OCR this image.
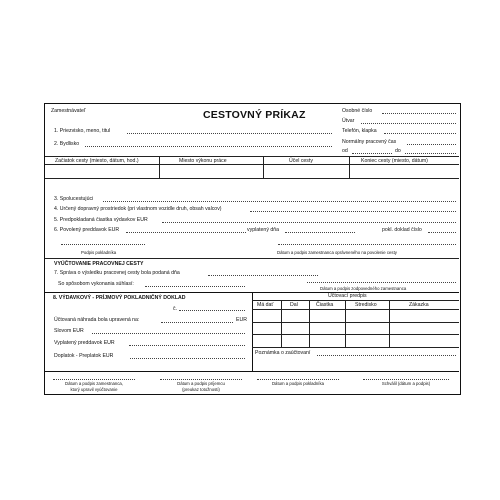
Zamestnávateľ	CESTOVNÝ PRÍKAZ	Osobné číslo
Útvar
1. Priezvisko, meno, titul	Telefón, klapka
2. Bydlisko	Normálny pracovný čas
od	do
Začiatok cesty (miesto, dátum, hod.)	Miesto výkonu práce	Účel cesty	Koniec cesty (miesto, dátum)
3. Spolucestujúci
4. Určený dopravný prostriedok (pri vlastnom vozidle druh, obsah valcov)
5. Predpokladaná čiastka výdavkov EUR
6. Povolený preddavok EUR	vyplatený dňa	pokl. doklad číslo
Podpis pokladníka	Dátum a podpis zamestnanca oprávneného na povolenie cesty
VYÚČTOVANIE PRACOVNEJ CESTY
7. Správa o výsledku pracovnej cesty bola podaná dňa
So spôsobom vykonania súhlasí:
Dátum a podpis zodpovedného zamestnanca
8. VÝDAVKOVÝ - PRÍJMOVÝ POKLADNIČNÝ DOKLAD
č.
Účtovaná náhrada bola upravená na:	EUR
Slovom EUR
Vyplatený preddavok EUR
Doplatok - Preplatok EUR
Účtovací predpis
Má dať	Dal	Čiastka	Stredisko	Zákazka
Poznámka o zaúčtovaní
Dátum a podpis zamestnanca,
ktorý upravil vyúčtovanie
Dátum a podpis príjemcu
(preukaz totožnosti)
Dátum a podpis pokladníka	Schválil (dátum a podpis)
